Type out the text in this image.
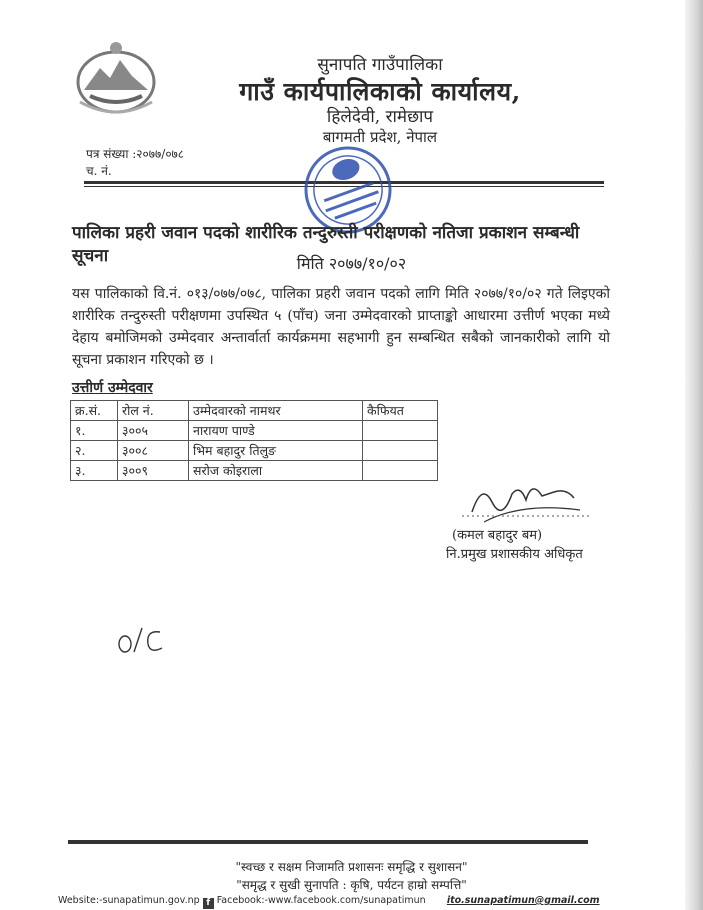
सुनापति गाउँपालिका
गाउँ कार्यपालिकाको कार्यालय,
हिलेदेवी, रामेछाप
बागमती प्रदेश, नेपाल
पत्र संख्या :२०७७/०७८
च. नं.
पालिका प्रहरी जवान पदको शारीरिक तन्दुरुस्ती परीक्षणको नतिजा प्रकाशन सम्बन्धी सूचना	मिति २०७७/१०/०२
यस पालिकाको वि.नं. ०१३/०७७/०७८, पालिका प्रहरी जवान पदको लागि मिति २०७७/१०/०२ गते लिइएको शारीरिक तन्दुरुस्ती परीक्षणमा उपस्थित ५ (पाँच) जना उम्मेदवारको प्राप्ताङ्को आधारमा उत्तीर्ण भएका मध्ये देहाय बमोजिमको उम्मेदवार अन्तार्वार्ता कार्यक्रममा सहभागी हुन सम्बन्धित सबैको जानकारीको लागि यो सूचना प्रकाशन गरिएको छ ।
उत्तीर्ण उम्मेदवार
क्र.सं.	रोल नं.	उम्मेदवारको नामथर	कैफियत
१.	३००५	नारायण पाण्डे	
२.	३००८	भिम बहादुर तिलुङ	
३.	३००९	सरोज कोइराला	
(कमल बहादुर बम)
नि.प्रमुख प्रशासकीय अधिकृत
"स्वच्छ र सक्षम निजामति प्रशासनः समृद्धि र सुशासन"
"समृद्ध र सुखी सुनापति : कृषि, पर्यटन हाम्रो सम्पत्ति"
Website:-sunapatimun.gov.np f Facebook:-www.facebook.com/sunapatimun ito.sunapatimun@gmail.com
